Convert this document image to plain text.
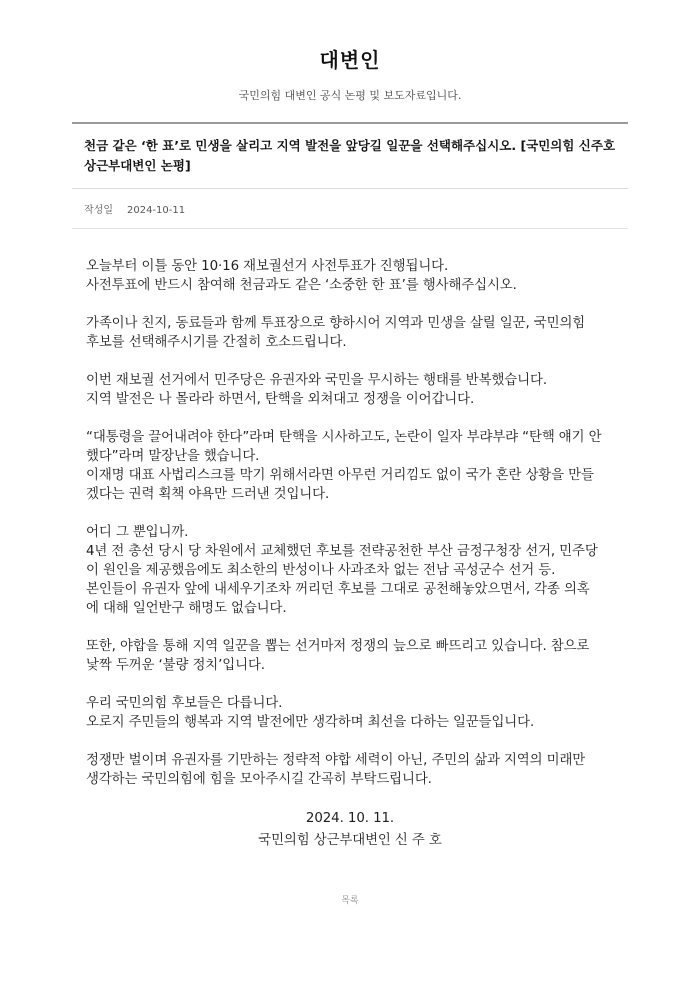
대변인

국민의힘 대변인 공식 논평 및 보도자료입니다.

천금 같은 ‘한 표’로 민생을 살리고 지역 발전을 앞당길 일꾼을 선택해주십시오. [국민의힘 신주호 상근부대변인 논평]
작성일 2024-10-11

오늘부터 이틀 동안 10·16 재보궐선거 사전투표가 진행됩니다.

사전투표에 반드시 참여해 천금과도 같은 ‘소중한 한 표’를 행사해주십시오.

가족이나 친지, 동료들과 함께 투표장으로 향하시어 지역과 민생을 살릴 일꾼, 국민의힘

후보를 선택해주시기를 간절히 호소드립니다.

이번 재보궐 선거에서 민주당은 유권자와 국민을 무시하는 행태를 반복했습니다.

지역 발전은 나 몰라라 하면서, 탄핵을 외쳐대고 정쟁을 이어갑니다.

“대통령을 끌어내려야 한다”라며 탄핵을 시사하고도, 논란이 일자 부랴부랴 “탄핵 얘기 안

했다”라며 말장난을 했습니다.

이재명 대표 사법리스크를 막기 위해서라면 아무런 거리낌도 없이 국가 혼란 상황을 만들

겠다는 권력 획책 야욕만 드러낸 것입니다.

어디 그 뿐입니까.

4년 전 총선 당시 당 차원에서 교체했던 후보를 전략공천한 부산 금정구청장 선거, 민주당

이 원인을 제공했음에도 최소한의 반성이나 사과조차 없는 전남 곡성군수 선거 등.

본인들이 유권자 앞에 내세우기조차 꺼리던 후보를 그대로 공천해놓았으면서, 각종 의혹

에 대해 일언반구 해명도 없습니다.

또한, 야합을 통해 지역 일꾼을 뽑는 선거마저 정쟁의 늪으로 빠뜨리고 있습니다. 참으로

낯짝 두꺼운 ‘불량 정치’입니다.

우리 국민의힘 후보들은 다릅니다.

오로지 주민들의 행복과 지역 발전에만 생각하며 최선을 다하는 일꾼들입니다.

정쟁만 벌이며 유권자를 기만하는 정략적 야합 세력이 아닌, 주민의 삶과 지역의 미래만

생각하는 국민의힘에 힘을 모아주시길 간곡히 부탁드립니다.

2024. 10. 11.

국민의힘 상근부대변인 신 주 호

목록
